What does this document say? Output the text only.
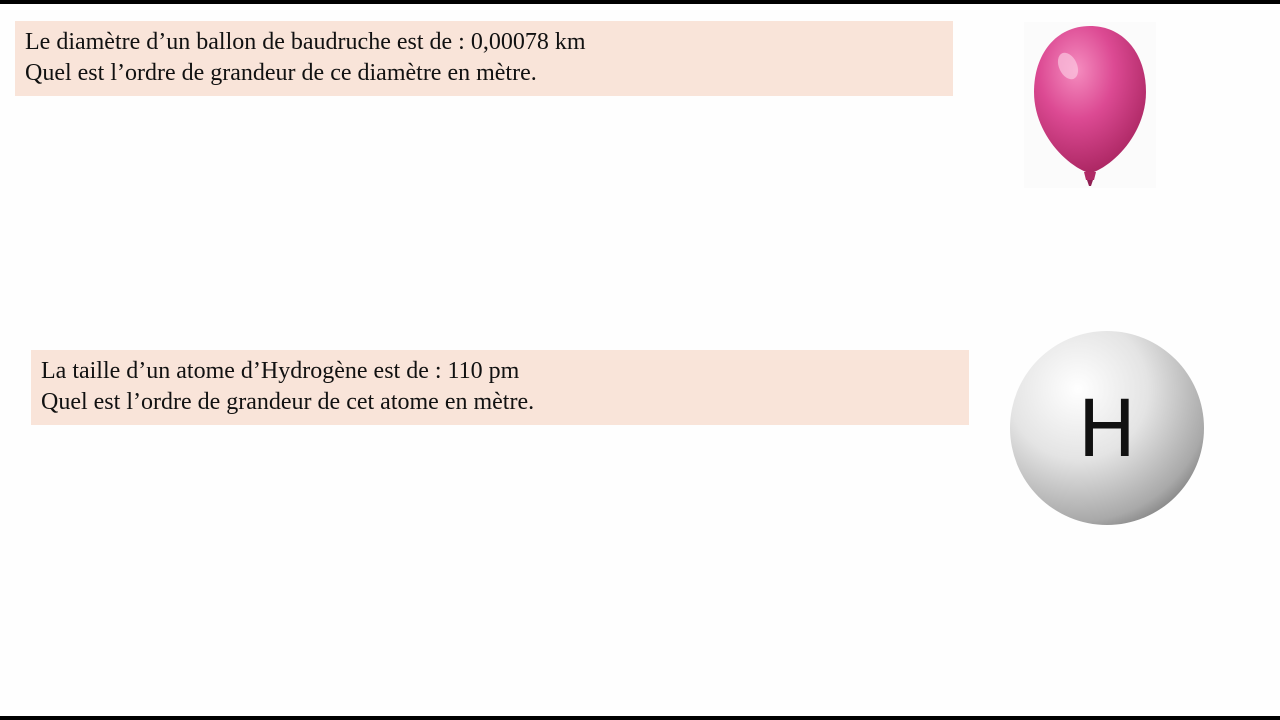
Le diamètre d’un ballon de baudruche est de : 0,00078 km
Quel est l’ordre de grandeur de ce diamètre en mètre.
La taille d’un atome d’Hydrogène est de : 110 pm
Quel est l’ordre de grandeur de cet atome en mètre.	H
